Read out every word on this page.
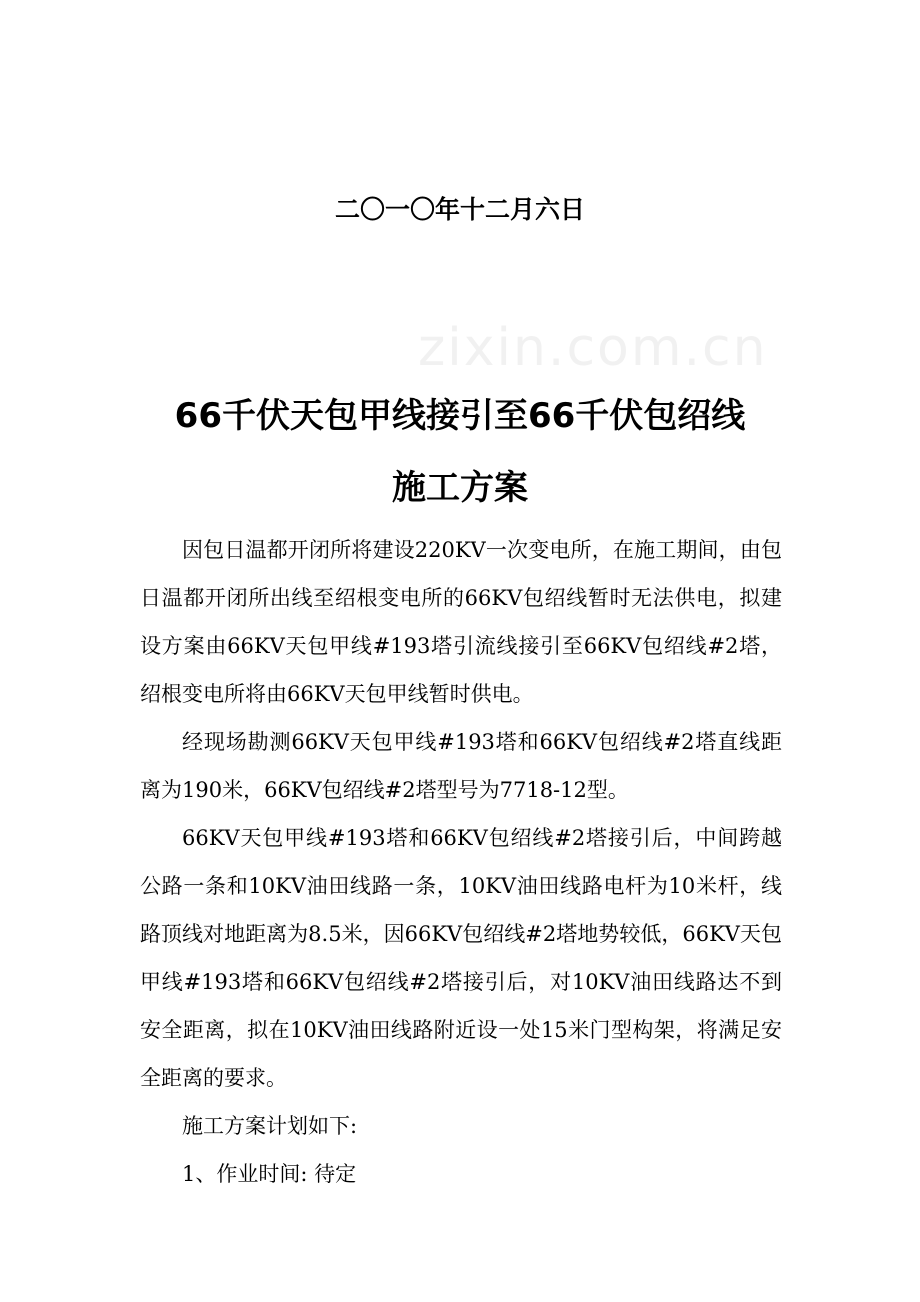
zixin.com.cn
二〇一〇年十二月六日
66千伏天包甲线接引至66千伏包绍线
施工方案

因包日温都开闭所将建设220KV一次变电所，在施工期间，由包日温都开闭所出线至绍根变电所的66KV包绍线暂时无法供电，拟建设方案由66KV天包甲线#193塔引流线接引至66KV包绍线#2塔，绍根变电所将由66KV天包甲线暂时供电。

经现场勘测66KV天包甲线#193塔和66KV包绍线#2塔直线距离为190米，66KV包绍线#2塔型号为7718-12型。

66KV天包甲线#193塔和66KV包绍线#2塔接引后，中间跨越公路一条和10KV油田线路一条，10KV油田线路电杆为10米杆，线路顶线对地距离为8.5米，因66KV包绍线#2塔地势较低，66KV天包甲线#193塔和66KV包绍线#2塔接引后，对10KV油田线路达不到安全距离，拟在10KV油田线路附近设一处15米门型构架，将满足安全距离的要求。

施工方案计划如下:

1、作业时间: 待定
